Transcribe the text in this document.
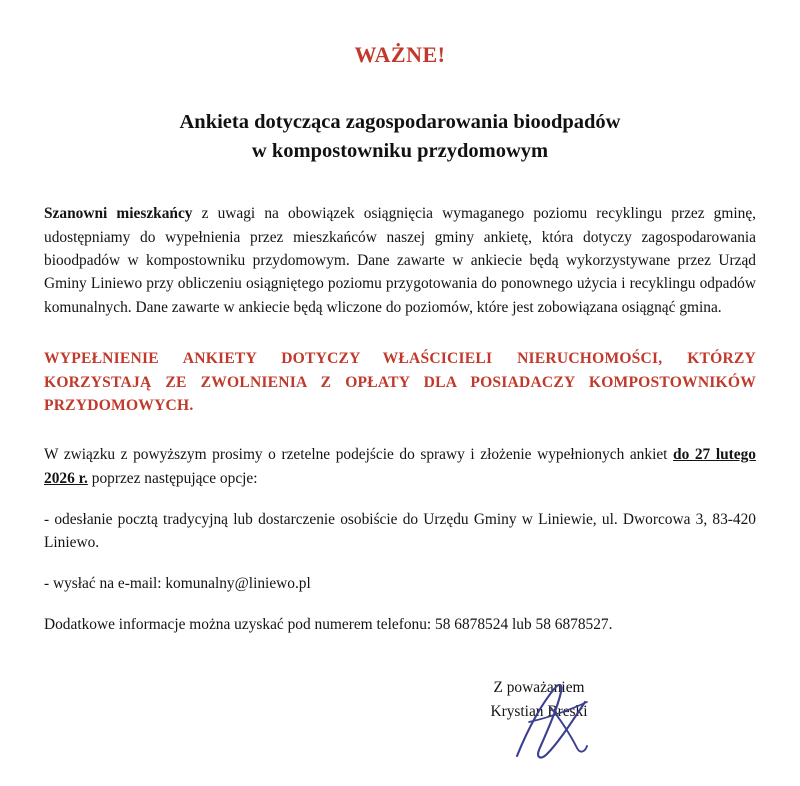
WAŻNE!
Ankieta dotycząca zagospodarowania bioodpadów
w kompostowniku przydomowym

Szanowni mieszkańcy z uwagi na obowiązek osiągnięcia wymaganego poziomu recyklingu przez gminę, udostępniamy do wypełnienia przez mieszkańców naszej gminy ankietę, która dotyczy zagospodarowania bioodpadów w kompostowniku przydomowym. Dane zawarte w ankiecie będą wykorzystywane przez Urząd Gminy Liniewo przy obliczeniu osiągniętego poziomu przygotowania do ponownego użycia i recyklingu odpadów komunalnych. Dane zawarte w ankiecie będą wliczone do poziomów, które jest zobowiązana osiągnąć gmina.

WYPEŁNIENIE ANKIETY DOTYCZY WŁAŚCICIELI NIERUCHOMOŚCI, KTÓRZY KORZYSTAJĄ ZE ZWOLNIENIA Z OPŁATY DLA POSIADACZY KOMPOSTOWNIKÓW PRZYDOMOWYCH.

W związku z powyższym prosimy o rzetelne podejście do sprawy i złożenie wypełnionych ankiet do 27 lutego 2026 r. poprzez następujące opcje:

- odesłanie pocztą tradycyjną lub dostarczenie osobiście do Urzędu Gminy w Liniewie, ul. Dworcowa 3, 83-420 Liniewo.

- wysłać na e-mail: komunalny@liniewo.pl

Dodatkowe informacje można uzyskać pod numerem telefonu: 58 6878524 lub 58 6878527.

Z poważaniem
Krystian Breski
